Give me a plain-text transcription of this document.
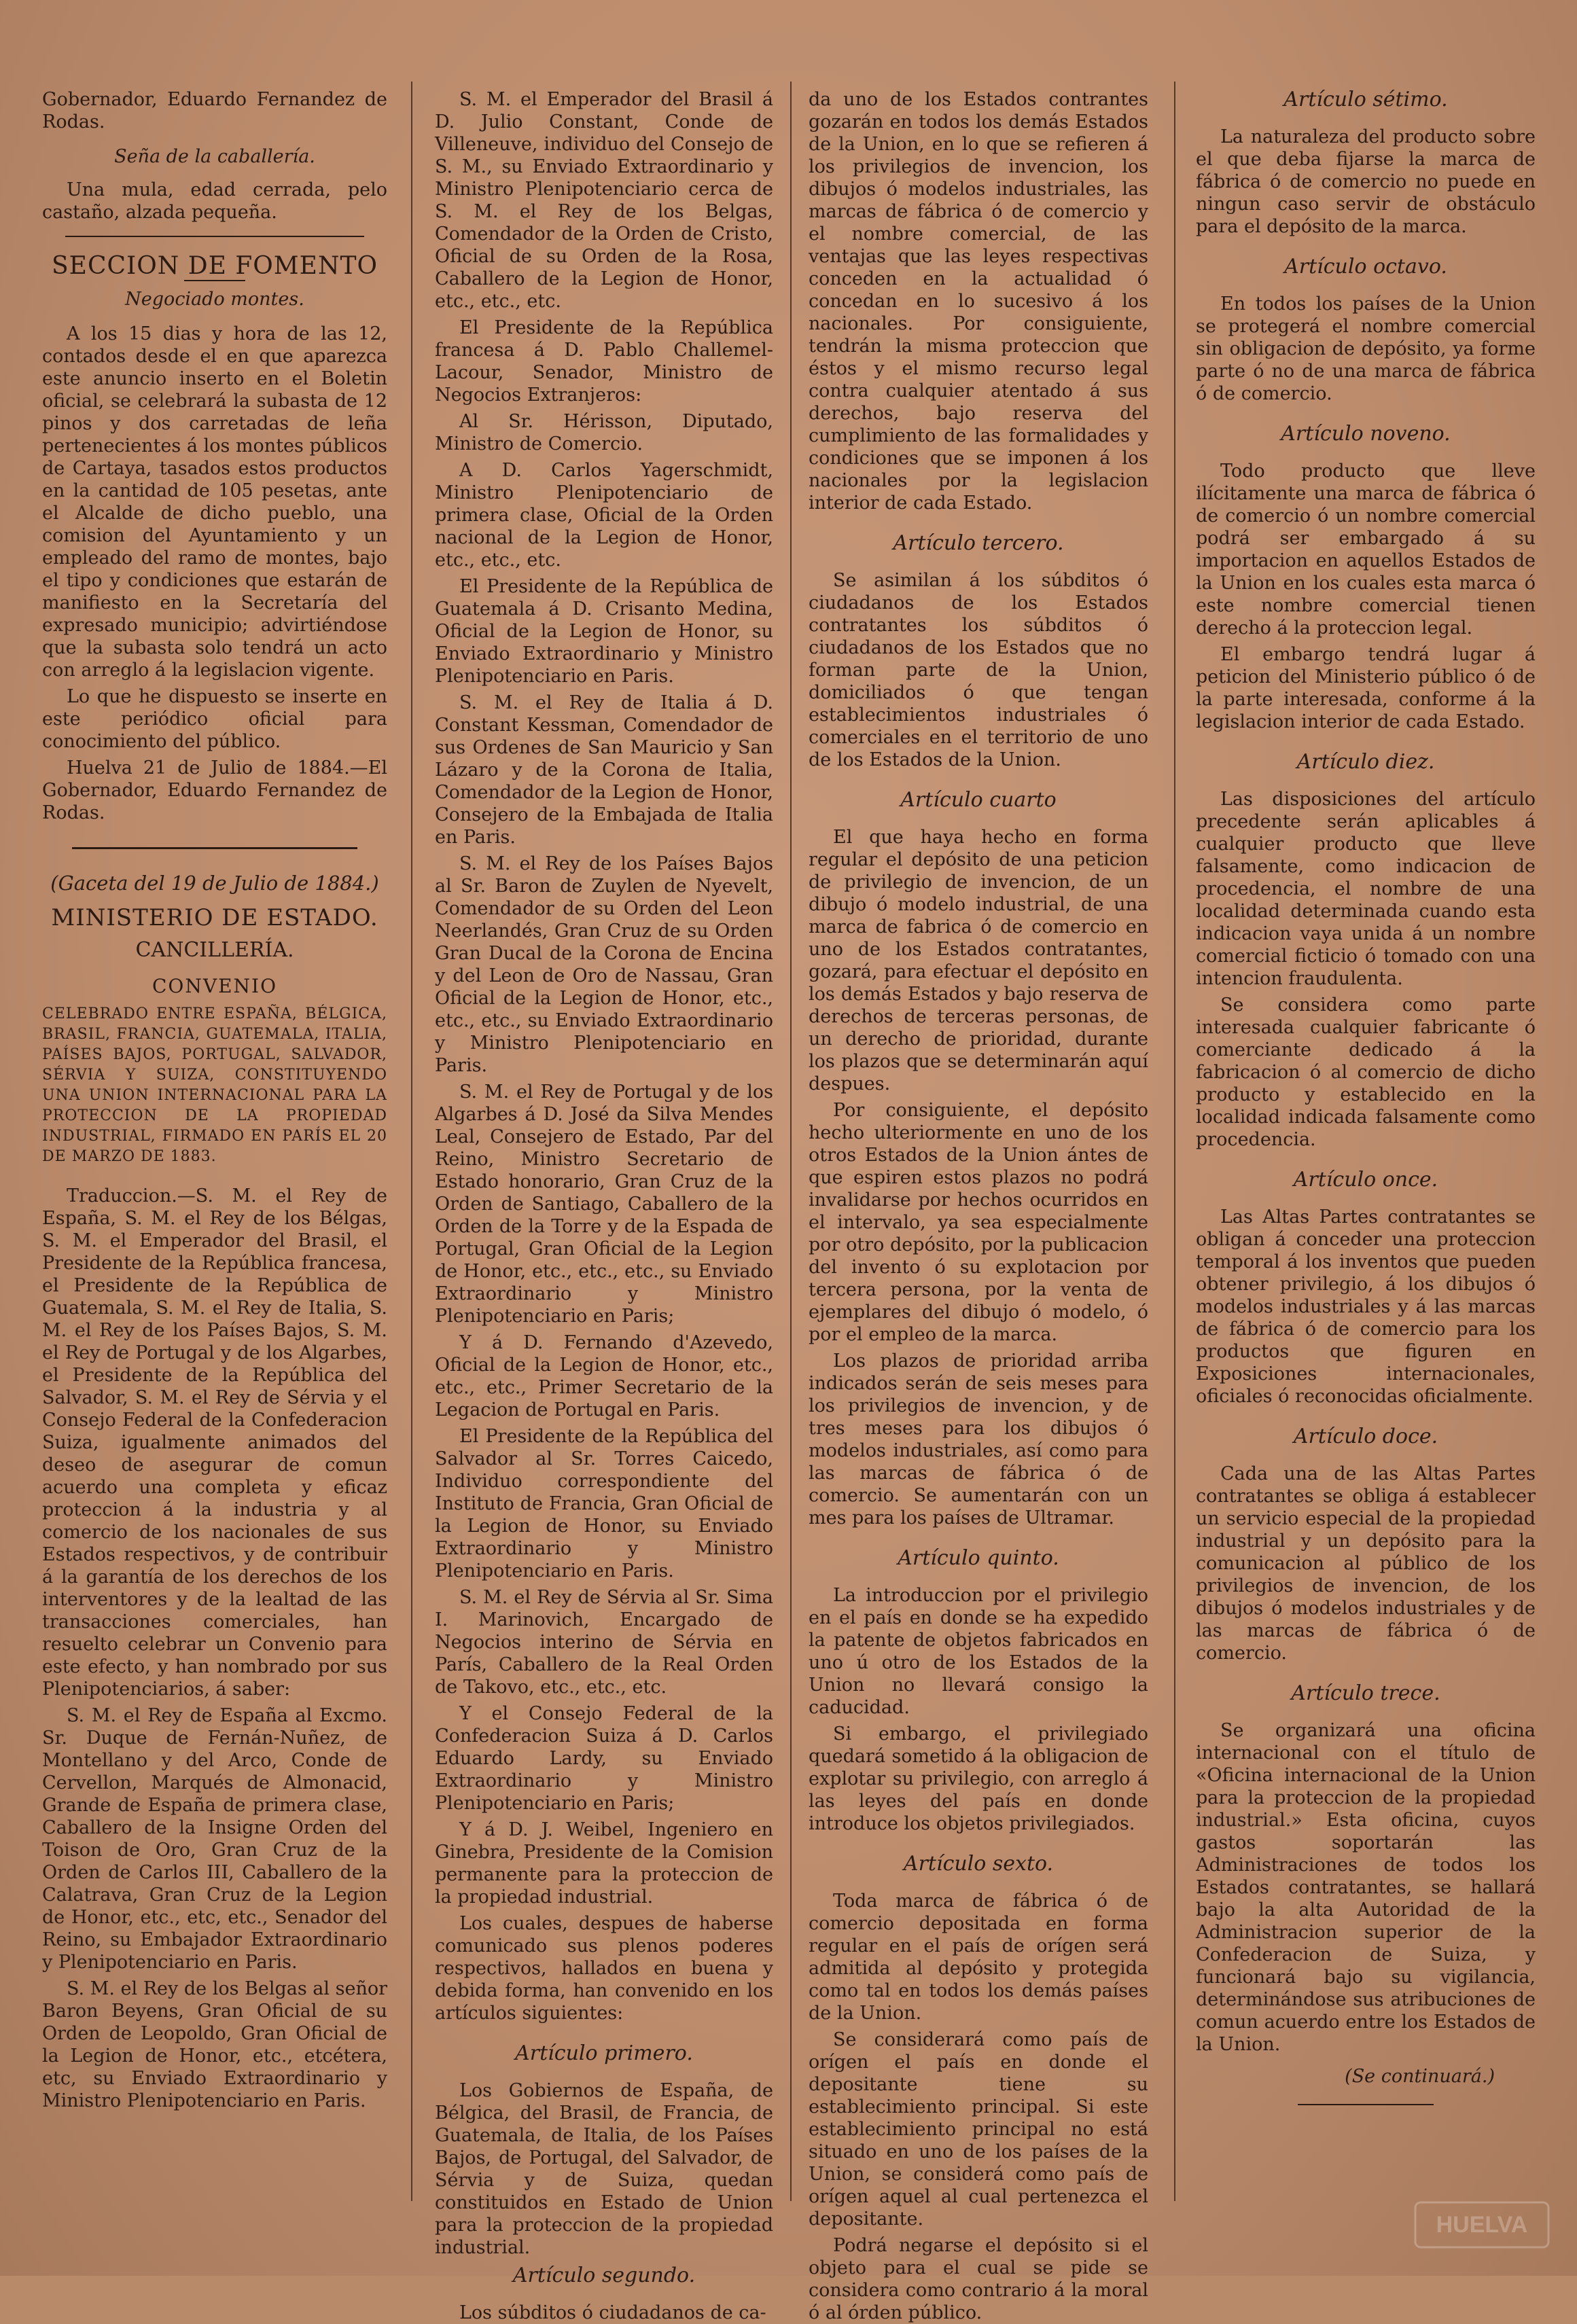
Gobernador, Eduardo Fernandez de Rodas.

Seña de la caballería.

Una mula, edad cerrada, pelo castaño, alzada pequeña.

SECCION DE FOMENTO

Negociado montes.

A los 15 dias y hora de las 12, contados desde el en que aparezca este anuncio inserto en el Boletin oficial, se celebrará la subasta de 12 pinos y dos carretadas de leña pertenecientes á los montes públicos de Cartaya, tasados estos productos en la cantidad de 105 pesetas, ante el Alcalde de dicho pueblo, una comision del Ayuntamiento y un empleado del ramo de montes, bajo el tipo y condiciones que estarán de manifiesto en la Secretaría del expresado municipio; advirtiéndose que la subasta solo tendrá un acto con arreglo á la legislacion vigente.

Lo que he dispuesto se inserte en este periódico oficial para conocimiento del público.

Huelva 21 de Julio de 1884.—El Gobernador, Eduardo Fernandez de Rodas.

(Gaceta del 19 de Julio de 1884.)

MINISTERIO DE ESTADO.

CANCILLERÍA.

CONVENIO

CELEBRADO ENTRE ESPAÑA, BÉLGICA, BRASIL, FRANCIA, GUATEMALA, ITALIA, PAÍSES BAJOS, PORTUGAL, SALVADOR, SÉRVIA Y SUIZA, CONSTITUYENDO UNA UNION INTERNACIONAL PARA LA PROTECCION DE LA PROPIEDAD INDUSTRIAL, FIRMADO EN PARÍS EL 20 DE MARZO DE 1883.

Traduccion.—S. M. el Rey de España, S. M. el Rey de los Bélgas, S. M. el Emperador del Brasil, el Presidente de la República francesa, el Presidente de la República de Guatemala, S. M. el Rey de Italia, S. M. el Rey de los Países Bajos, S. M. el Rey de Portugal y de los Algarbes, el Presidente de la República del Salvador, S. M. el Rey de Sérvia y el Consejo Federal de la Confederacion Suiza, igualmente animados del deseo de asegurar de comun acuerdo una completa y eficaz proteccion á la industria y al comercio de los nacionales de sus Estados respectivos, y de contribuir á la garantía de los derechos de los interventores y de la lealtad de las transacciones comerciales, han resuelto celebrar un Convenio para este efecto, y han nombrado por sus Plenipotenciarios, á saber:

S. M. el Rey de España al Excmo. Sr. Duque de Fernán-Nuñez, de Montellano y del Arco, Conde de Cervellon, Marqués de Almonacid, Grande de España de primera clase, Caballero de la Insigne Orden del Toison de Oro, Gran Cruz de la Orden de Carlos III, Caballero de la Calatrava, Gran Cruz de la Legion de Honor, etc., etc, etc., Senador del Reino, su Embajador Extraordinario y Plenipotenciario en Paris.

S. M. el Rey de los Belgas al señor Baron Beyens, Gran Oficial de su Orden de Leopoldo, Gran Oficial de la Legion de Honor, etc., etcétera, etc, su Enviado Extraordinario y Ministro Plenipotenciario en Paris.

S. M. el Emperador del Brasil á D. Julio Constant, Conde de Villeneuve, individuo del Consejo de S. M., su Enviado Extraordinario y Ministro Plenipotenciario cerca de S. M. el Rey de los Belgas, Comendador de la Orden de Cristo, Oficial de su Orden de la Rosa, Caballero de la Legion de Honor, etc., etc., etc.

El Presidente de la República francesa á D. Pablo Challemel-Lacour, Senador, Ministro de Negocios Extranjeros:

Al Sr. Hérisson, Diputado, Ministro de Comercio.

A D. Carlos Yagerschmidt, Ministro Plenipotenciario de primera clase, Oficial de la Orden nacional de la Legion de Honor, etc., etc., etc.

El Presidente de la República de Guatemala á D. Crisanto Medina, Oficial de la Legion de Honor, su Enviado Extraordinario y Ministro Plenipotenciario en Paris.

S. M. el Rey de Italia á D. Constant Kessman, Comendador de sus Ordenes de San Mauricio y San Lázaro y de la Corona de Italia, Comendador de la Legion de Honor, Consejero de la Embajada de Italia en Paris.

S. M. el Rey de los Países Bajos al Sr. Baron de Zuylen de Nyevelt, Comendador de su Orden del Leon Neerlandés, Gran Cruz de su Orden Gran Ducal de la Corona de Encina y del Leon de Oro de Nassau, Gran Oficial de la Legion de Honor, etc., etc., etc., su Enviado Extraordinario y Ministro Plenipotenciario en Paris.

S. M. el Rey de Portugal y de los Algarbes á D. José da Silva Mendes Leal, Consejero de Estado, Par del Reino, Ministro Secretario de Estado honorario, Gran Cruz de la Orden de Santiago, Caballero de la Orden de la Torre y de la Espada de Portugal, Gran Oficial de la Legion de Honor, etc., etc., etc., su Enviado Extraordinario y Ministro Plenipotenciario en Paris;

Y á D. Fernando d'Azevedo, Oficial de la Legion de Honor, etc., etc., etc., Primer Secretario de la Legacion de Portugal en Paris.

El Presidente de la República del Salvador al Sr. Torres Caicedo, Individuo correspondiente del Instituto de Francia, Gran Oficial de la Legion de Honor, su Enviado Extraordinario y Ministro Plenipotenciario en Paris.

S. M. el Rey de Sérvia al Sr. Sima I. Marinovich, Encargado de Negocios interino de Sérvia en París, Caballero de la Real Orden de Takovo, etc., etc., etc.

Y el Consejo Federal de la Confederacion Suiza á D. Carlos Eduardo Lardy, su Enviado Extraordinario y Ministro Plenipotenciario en Paris;

Y á D. J. Weibel, Ingeniero en Ginebra, Presidente de la Comision permanente para la proteccion de la propiedad industrial.

Los cuales, despues de haberse comunicado sus plenos poderes respectivos, hallados en buena y debida forma, han convenido en los artículos siguientes:

Artículo primero.

Los Gobiernos de España, de Bélgica, del Brasil, de Francia, de Guatemala, de Italia, de los Países Bajos, de Portugal, del Salvador, de Sérvia y de Suiza, quedan constituidos en Estado de Union para la proteccion de la propiedad industrial.

Artículo segundo.

Los súbditos ó ciudadanos de ca-

da uno de los Estados contrantes gozarán en todos los demás Estados de la Union, en lo que se refieren á los privilegios de invencion, los dibujos ó modelos industriales, las marcas de fábrica ó de comercio y el nombre comercial, de las ventajas que las leyes respectivas conceden en la actualidad ó concedan en lo sucesivo á los nacionales. Por consiguiente, tendrán la misma proteccion que éstos y el mismo recurso legal contra cualquier atentado á sus derechos, bajo reserva del cumplimiento de las formalidades y condiciones que se imponen á los nacionales por la legislacion interior de cada Estado.

Artículo tercero.

Se asimilan á los súbditos ó ciudadanos de los Estados contratantes los súbditos ó ciudadanos de los Estados que no forman parte de la Union, domiciliados ó que tengan establecimientos industriales ó comerciales en el territorio de uno de los Estados de la Union.

Artículo cuarto

El que haya hecho en forma regular el depósito de una peticion de privilegio de invencion, de un dibujo ó modelo industrial, de una marca de fabrica ó de comercio en uno de los Estados contratantes, gozará, para efectuar el depósito en los demás Estados y bajo reserva de derechos de terceras personas, de un derecho de prioridad, durante los plazos que se determinarán aquí despues.

Por consiguiente, el depósito hecho ulteriormente en uno de los otros Estados de la Union ántes de que espiren estos plazos no podrá invalidarse por hechos ocurridos en el intervalo, ya sea especialmente por otro depósito, por la publicacion del invento ó su explotacion por tercera persona, por la venta de ejemplares del dibujo ó modelo, ó por el empleo de la marca.

Los plazos de prioridad arriba indicados serán de seis meses para los privilegios de invencion, y de tres meses para los dibujos ó modelos industriales, así como para las marcas de fábrica ó de comercio. Se aumentarán con un mes para los países de Ultramar.

Artículo quinto.

La introduccion por el privilegio en el país en donde se ha expedido la patente de objetos fabricados en uno ú otro de los Estados de la Union no llevará consigo la caducidad.

Si embargo, el privilegiado quedará sometido á la obligacion de explotar su privilegio, con arreglo á las leyes del país en donde introduce los objetos privilegiados.

Artículo sexto.

Toda marca de fábrica ó de comercio depositada en forma regular en el país de orígen será admitida al depósito y protegida como tal en todos los demás países de la Union.

Se considerará como país de orígen el país en donde el depositante tiene su establecimiento principal. Si este establecimiento principal no está situado en uno de los países de la Union, se considerá como país de orígen aquel al cual pertenezca el depositante.

Podrá negarse el depósito si el objeto para el cual se pide se considera como contrario á la moral ó al órden público.

Artículo sétimo.

La naturaleza del producto sobre el que deba fijarse la marca de fábrica ó de comercio no puede en ningun caso servir de obstáculo para el depósito de la marca.

Artículo octavo.

En todos los países de la Union se protegerá el nombre comercial sin obligacion de depósito, ya forme parte ó no de una marca de fábrica ó de comercio.

Artículo noveno.

Todo producto que lleve ilícitamente una marca de fábrica ó de comercio ó un nombre comercial podrá ser embargado á su importacion en aquellos Estados de la Union en los cuales esta marca ó este nombre comercial tienen derecho á la proteccion legal.

El embargo tendrá lugar á peticion del Ministerio público ó de la parte interesada, conforme á la legislacion interior de cada Estado.

Artículo diez.

Las disposiciones del artículo precedente serán aplicables á cualquier producto que lleve falsamente, como indicacion de procedencia, el nombre de una localidad determinada cuando esta indicacion vaya unida á un nombre comercial ficticio ó tomado con una intencion fraudulenta.

Se considera como parte interesada cualquier fabricante ó comerciante dedicado á la fabricacion ó al comercio de dicho producto y establecido en la localidad indicada falsamente como procedencia.

Artículo once.

Las Altas Partes contratantes se obligan á conceder una proteccion temporal á los inventos que pueden obtener privilegio, á los dibujos ó modelos industriales y á las marcas de fábrica ó de comercio para los productos que figuren en Exposiciones internacionales, oficiales ó reconocidas oficialmente.

Artículo doce.

Cada una de las Altas Partes contratantes se obliga á establecer un servicio especial de la propiedad industrial y un depósito para la comunicacion al público de los privilegios de invencion, de los dibujos ó modelos industriales y de las marcas de fábrica ó de comercio.

Artículo trece.

Se organizará una oficina internacional con el título de «Oficina internacional de la Union para la proteccion de la propiedad industrial.» Esta oficina, cuyos gastos soportarán las Administraciones de todos los Estados contratantes, se hallará bajo la alta Autoridad de la Administracion superior de la Confederacion de Suiza, y funcionará bajo su vigilancia, determinándose sus atribuciones de comun acuerdo entre los Estados de la Union.

(Se continuará.)

HUELVA
